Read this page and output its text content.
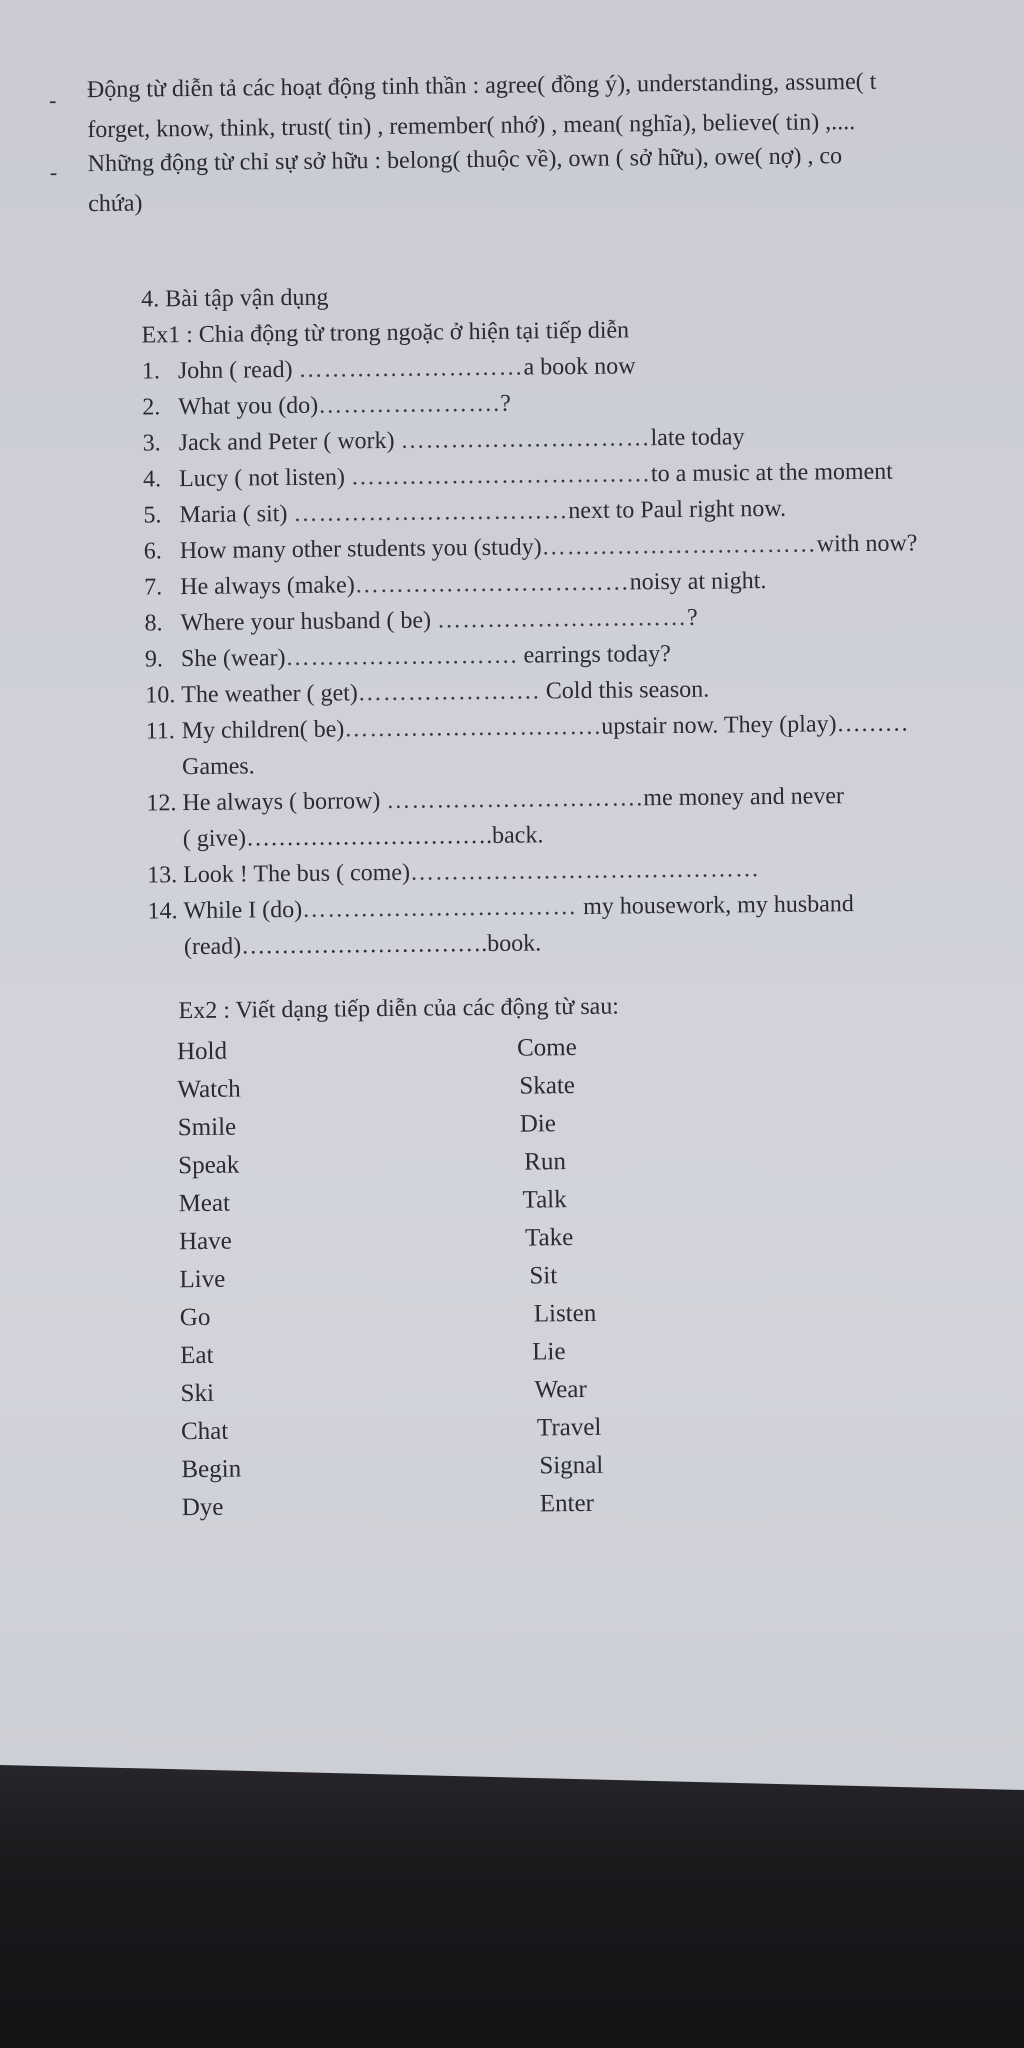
- Động từ diễn tả các hoạt động tinh thần : agree( đồng ý), understanding, assume( t
forget, know, think, trust( tin) , remember( nhớ) , mean( nghĩa), believe( tin) ,....
- Những động từ chỉ sự sở hữu : belong( thuộc về), own ( sở hữu), owe( nợ) , co
chứa)
4. Bài tập vận dụng
Ex1 : Chia động từ trong ngoặc ở hiện tại tiếp diễn
1. John ( read) ………………………a book now
2. What you (do)………………….?
3. Jack and Peter ( work) …………………………late today
4. Lucy ( not listen) ………………………………to a music at the moment
5. Maria ( sit) ……………………………next to Paul right now.
6. How many other students you (study)……………………………with now?
7. He always (make)……………………………noisy at night.
8. Where your husband ( be) …………………………?
9. She (wear)………………………. earrings today?
10. The weather ( get)…………………. Cold this season.
11. My children( be)………………………….upstair now. They (play)………
Games.
12. He always ( borrow) ………………………….me money and never
( give)………………………….back.
13. Look ! The bus ( come)……………………………………
14. While I (do)…………………………… my housework, my husband
(read)………………………….book.
Ex2 : Viết dạng tiếp diễn của các động từ sau:
Hold
Watch
Smile
Speak
Meat
Have
Live
Go
Eat
Ski
Chat
Begin
Dye
Come
Skate
Die
Run
Talk
Take
Sit
Listen
Lie
Wear
Travel
Signal
Enter
